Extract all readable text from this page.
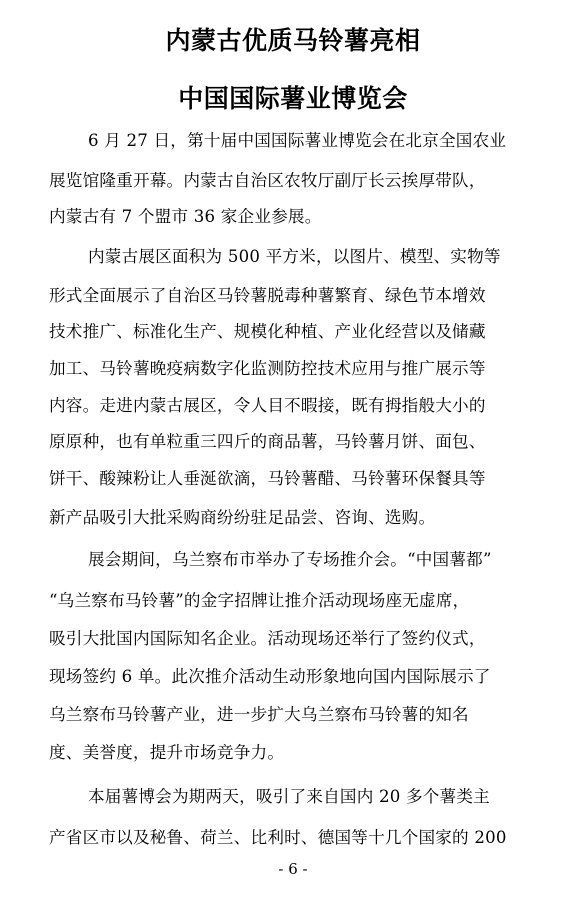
内蒙古优质马铃薯亮相
中国国际薯业博览会
6 月 27 日，第十届中国国际薯业博览会在北京全国农业
展览馆隆重开幕。内蒙古自治区农牧厅副厅长云挨厚带队，
内蒙古有 7 个盟市 36 家企业参展。
内蒙古展区面积为 500 平方米，以图片、模型、实物等
形式全面展示了自治区马铃薯脱毒种薯繁育、绿色节本增效
技术推广、标准化生产、规模化种植、产业化经营以及储藏
加工、马铃薯晚疫病数字化监测防控技术应用与推广展示等
内容。走进内蒙古展区，令人目不暇接，既有拇指般大小的
原原种，也有单粒重三四斤的商品薯，马铃薯月饼、面包、
饼干、酸辣粉让人垂涎欲滴，马铃薯醋、马铃薯环保餐具等
新产品吸引大批采购商纷纷驻足品尝、咨询、选购。
展会期间，乌兰察布市举办了专场推介会。“中国薯都”
“乌兰察布马铃薯”的金字招牌让推介活动现场座无虚席，
吸引大批国内国际知名企业。活动现场还举行了签约仪式，
现场签约 6 单。此次推介活动生动形象地向国内国际展示了
乌兰察布马铃薯产业，进一步扩大乌兰察布马铃薯的知名
度、美誉度，提升市场竞争力。
本届薯博会为期两天，吸引了来自国内 20 多个薯类主
产省区市以及秘鲁、荷兰、比利时、德国等十几个国家的 200
- 6 -
